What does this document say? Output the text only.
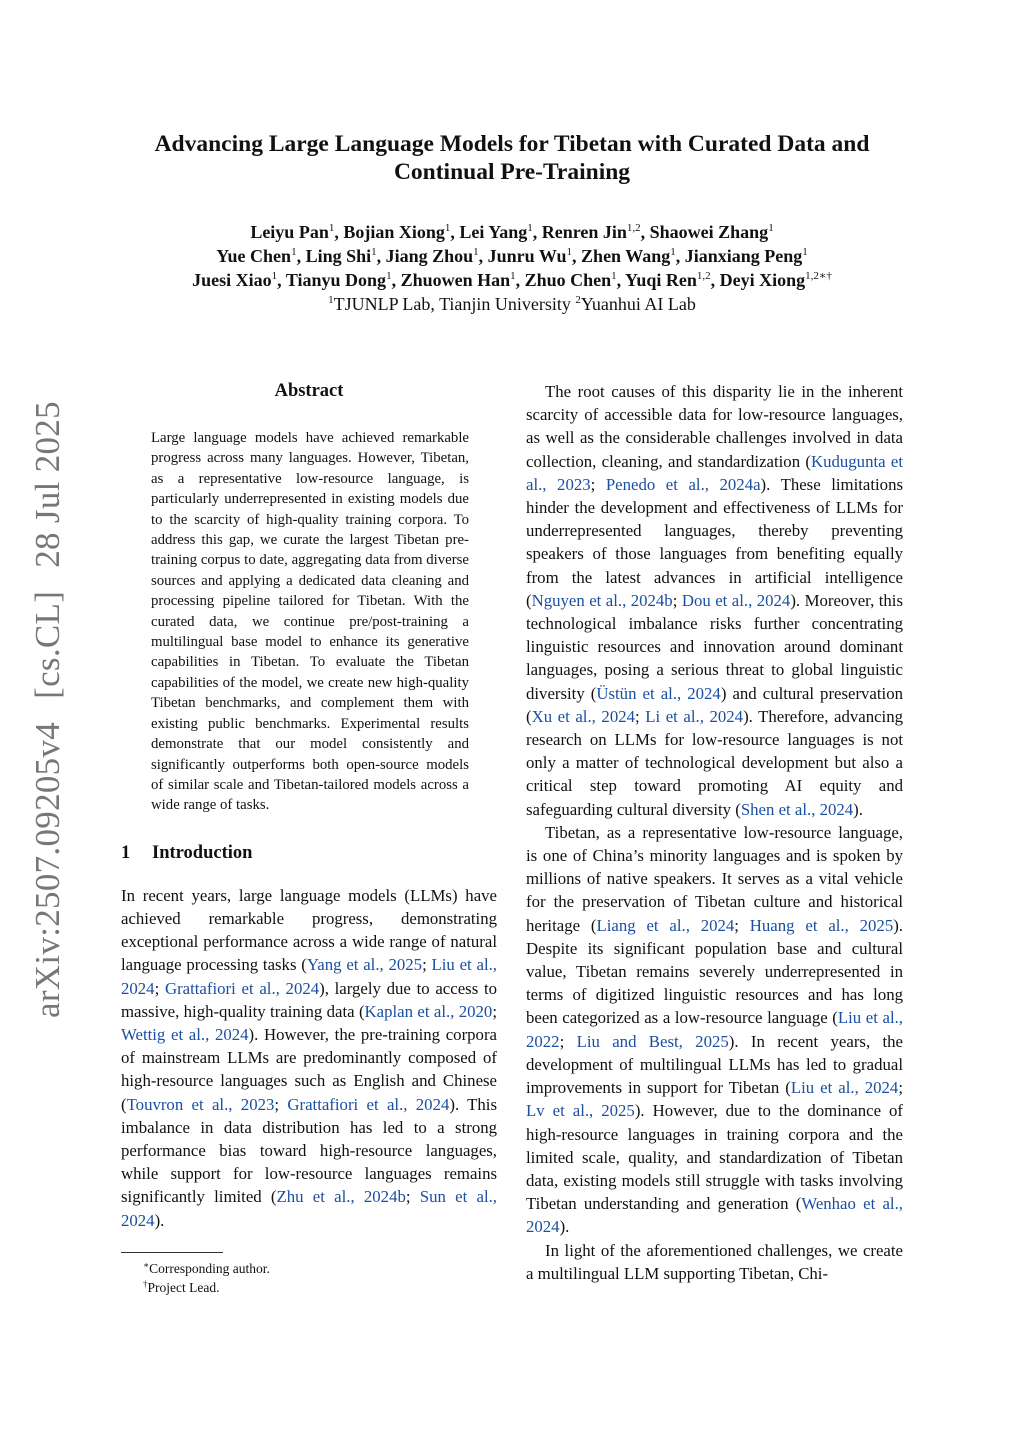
arXiv:2507.09205v4 [cs.CL] 28 Jul 2025
Advancing Large Language Models for Tibetan with Curated Data and Continual Pre-Training
Leiyu Pan$^1$, Bojian Xiong$^1$, Lei Yang$^1$, Renren Jin$^{1,2}$, Shaowei Zhang$^1$
Yue Chen$^1$, Ling Shi$^1$, Jiang Zhou$^1$, Junru Wu$^1$, Zhen Wang$^1$, Jianxiang Peng$^1$
Juesi Xiao$^1$, Tianyu Dong$^1$, Zhuowen Han$^1$, Zhuo Chen$^1$, Yuqi Ren$^{1,2}$, Deyi Xiong$^{1,2∗\dagger}$
$^1$TJUNLP Lab, Tianjin University $^2$Yuanhui AI Lab
Abstract

Large language models have achieved remarkable progress across many languages. However, Tibetan, as a representative low-resource language, is particularly underrepresented in existing models due to the scarcity of high-quality training corpora. To address this gap, we curate the largest Tibetan pre-training corpus to date, aggregating data from diverse sources and applying a dedicated data cleaning and processing pipeline tailored for Tibetan. With the curated data, we continue pre/post-training a multilingual base model to enhance its generative capabilities in Tibetan. To evaluate the Tibetan capabilities of the model, we create new high-quality Tibetan benchmarks, and complement them with existing public benchmarks. Experimental results demonstrate that our model consistently and significantly outperforms both open-source models of similar scale and Tibetan-tailored models across a wide range of tasks.

1 Introduction

In recent years, large language models (LLMs) have achieved remarkable progress, demonstrating exceptional performance across a wide range of natural language processing tasks (Yang et al., 2025; Liu et al., 2024; Grattafiori et al., 2024), largely due to access to massive, high-quality training data (Kaplan et al., 2020; Wettig et al., 2024). However, the pre-training corpora of mainstream LLMs are predominantly composed of high-resource languages such as English and Chinese (Touvron et al., 2023; Grattafiori et al., 2024). This imbalance in data distribution has led to a strong performance bias toward high-resource languages, while support for low-resource languages remains significantly limited (Zhu et al., 2024b; Sun et al., 2024).

∗Corresponding author.
†Project Lead.

The root causes of this disparity lie in the inherent scarcity of accessible data for low-resource languages, as well as the considerable challenges involved in data collection, cleaning, and standardization (Kudugunta et al., 2023; Penedo et al., 2024a). These limitations hinder the development and effectiveness of LLMs for underrepresented languages, thereby preventing speakers of those languages from benefiting equally from the latest advances in artificial intelligence (Nguyen et al., 2024b; Dou et al., 2024). Moreover, this technological imbalance risks further concentrating linguistic resources and innovation around dominant languages, posing a serious threat to global linguistic diversity (Üstün et al., 2024) and cultural preservation (Xu et al., 2024; Li et al., 2024). Therefore, advancing research on LLMs for low-resource languages is not only a matter of technological development but also a critical step toward promoting AI equity and safeguarding cultural diversity (Shen et al., 2024).

Tibetan, as a representative low-resource language, is one of China’s minority languages and is spoken by millions of native speakers. It serves as a vital vehicle for the preservation of Tibetan culture and historical heritage (Liang et al., 2024; Huang et al., 2025). Despite its significant population base and cultural value, Tibetan remains severely underrepresented in terms of digitized linguistic resources and has long been categorized as a low-resource language (Liu et al., 2022; Liu and Best, 2025). In recent years, the development of multilingual LLMs has led to gradual improvements in support for Tibetan (Liu et al., 2024; Lv et al., 2025). However, due to the dominance of high-resource languages in training corpora and the limited scale, quality, and standardization of Tibetan data, existing models still struggle with tasks involving Tibetan understanding and generation (Wenhao et al., 2024).

In light of the aforementioned challenges, we create a multilingual LLM supporting Tibetan, Chi-
